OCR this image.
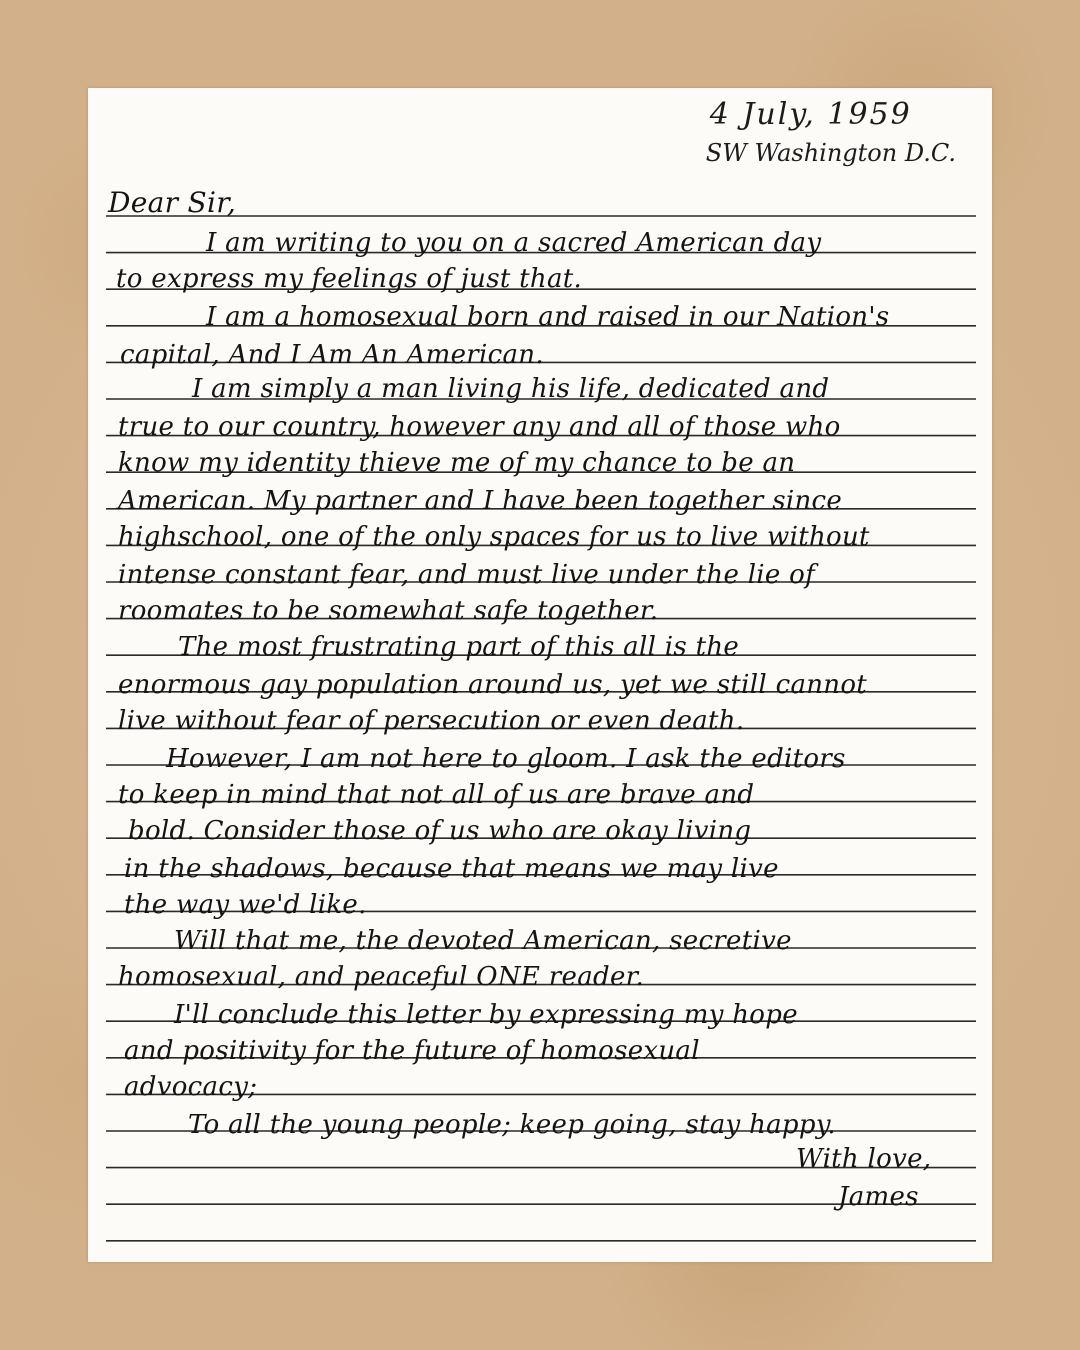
4 July, 1959
SW Washington D.C.
Dear Sir,
I am writing to you on a sacred American day
to express my feelings of just that.
I am a homosexual born and raised in our Nation's
capital, And I Am An American.
I am simply a man living his life, dedicated and
true to our country, however any and all of those who
know my identity thieve me of my chance to be an
American. My partner and I have been together since
highschool, one of the only spaces for us to live without
intense constant fear, and must live under the lie of
roomates to be somewhat safe together.
The most frustrating part of this all is the
enormous gay population around us, yet we still cannot
live without fear of persecution or even death.
However, I am not here to gloom. I ask the editors
to keep in mind that not all of us are brave and
bold. Consider those of us who are okay living
in the shadows, because that means we may live
the way we'd like.
Will that me, the devoted American, secretive
homosexual, and peaceful ONE reader.
I'll conclude this letter by expressing my hope
and positivity for the future of homosexual
advocacy;
To all the young people; keep going, stay happy.
With love,
James
